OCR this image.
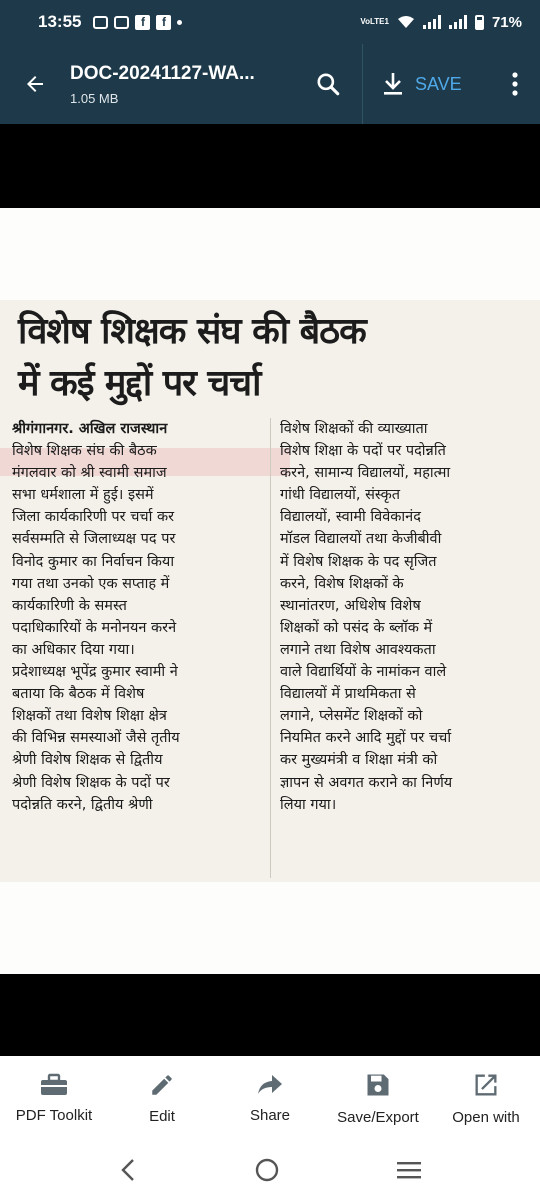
13:55	f	f	VoLTE1	71%
DOC-20241127-WA...
1.05 MB
SAVE
विशेष शिक्षक संघ की बैठक
में कई मुद्दों पर चर्चा
श्रीगंगानगर. अखिल राजस्थान
विशेष शिक्षक संघ की बैठक
मंगलवार को श्री स्वामी समाज
सभा धर्मशाला में हुई। इसमें
जिला कार्यकारिणी पर चर्चा कर
सर्वसम्मति से जिलाध्यक्ष पद पर
विनोद कुमार का निर्वाचन किया
गया तथा उनको एक सप्ताह में
कार्यकारिणी के समस्त
पदाधिकारियों के मनोनयन करने
का अधिकार दिया गया।
प्रदेशाध्यक्ष भूपेंद्र कुमार स्वामी ने
बताया कि बैठक में विशेष
शिक्षकों तथा विशेष शिक्षा क्षेत्र
की विभिन्न समस्याओं जैसे तृतीय
श्रेणी विशेष शिक्षक से द्वितीय
श्रेणी विशेष शिक्षक के पदों पर
पदोन्नति करने, द्वितीय श्रेणी
विशेष शिक्षकों की व्याख्याता
विशेष शिक्षा के पदों पर पदोन्नति
करने, सामान्य विद्यालयों, महात्मा
गांधी विद्यालयों, संस्कृत
विद्यालयों, स्वामी विवेकानंद
मॉडल विद्यालयों तथा केजीबीवी
में विशेष शिक्षक के पद सृजित
करने, विशेष शिक्षकों के
स्थानांतरण, अधिशेष विशेष
शिक्षकों को पसंद के ब्लॉक में
लगाने तथा विशेष आवश्यकता
वाले विद्यार्थियों के नामांकन वाले
विद्यालयों में प्राथमिकता से
लगाने, प्लेसमेंट शिक्षकों को
नियमित करने आदि मुद्दों पर चर्चा
कर मुख्यमंत्री व शिक्षा मंत्री को
ज्ञापन से अवगत कराने का निर्णय
लिया गया।
PDF Toolkit	Edit	Share	Save/Export Open with
